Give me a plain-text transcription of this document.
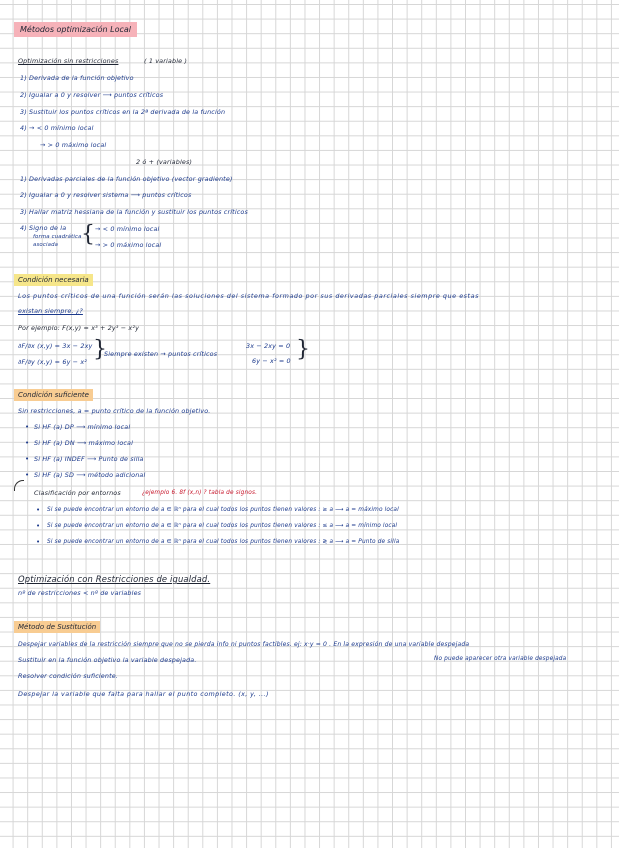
Métodos optimización Local
Optimización sin restricciones	( 1 variable )
1) Derivada de la función objetivo
2) Igualar a 0 y resolver ⟶ puntos críticos
3) Sustituir los puntos críticos en la 2ª derivada de la función
4) → < 0 mínimo local
→ > 0 máximo local
2 ó + (variables)
1) Derivadas parciales de la función objetivo (vector gradiente)
2) Igualar a 0 y resolver sistema ⟶ puntos críticos
3) Hallar matriz hessiana de la función y sustituir los puntos críticos
4) Signo de la
forma cuadrática
asociada { → < 0 mínimo local
→ > 0 máximo local
Condición necesaria
Los puntos críticos de una función serán las soluciones del sistema formado por sus derivadas parciales siempre que estas
existan siempre. ¿?
Por ejemplo: F(x,y) = x³ + 2y³ − x²y
∂F/∂x (x,y) = 3x − 2xy
∂F/∂y (x,y) = 6y − x² }
Siempre existen → puntos críticos
3x − 2xy = 0
6y − x² = 0 }
Condición suficiente
Sin restricciones, a = punto crítico de la función objetivo.
• Si HF (a) DP ⟶ mínimo local
• Si HF (a) DN ⟶ máximo local
• Si HF (a) INDEF ⟶ Punto de silla
• Si HF (a) SD ⟶ método adicional
Clasificación por entornos	¿ejemplo 6. 8f (x,n) ? tabla de signos.
• Si se puede encontrar un entorno de a ∈ ℝⁿ para el cual todos los puntos tienen valores : ≥ a ⟶ a = máximo local
• Si se puede encontrar un entorno de a ∈ ℝⁿ para el cual todos los puntos tienen valores : ≤ a ⟶ a = mínimo local
• Si se puede encontrar un entorno de a ∈ ℝⁿ para el cual todos los puntos tienen valores : ≷ a ⟶ a = Punto de silla
Optimización con Restricciones de igualdad.
nº de restricciones < nº de variables
Método de Sustitución
Despejar variables de la restricción siempre que no se pierda info ni puntos factibles. ej: x·y = 0 . En la expresión de una variable despejada
No puede aparecer otra variable despejada
Sustituir en la función objetivo la variable despejada.
Resolver condición suficiente.
Despejar la variable que falta para hallar el punto completo. (x, y, ...)
